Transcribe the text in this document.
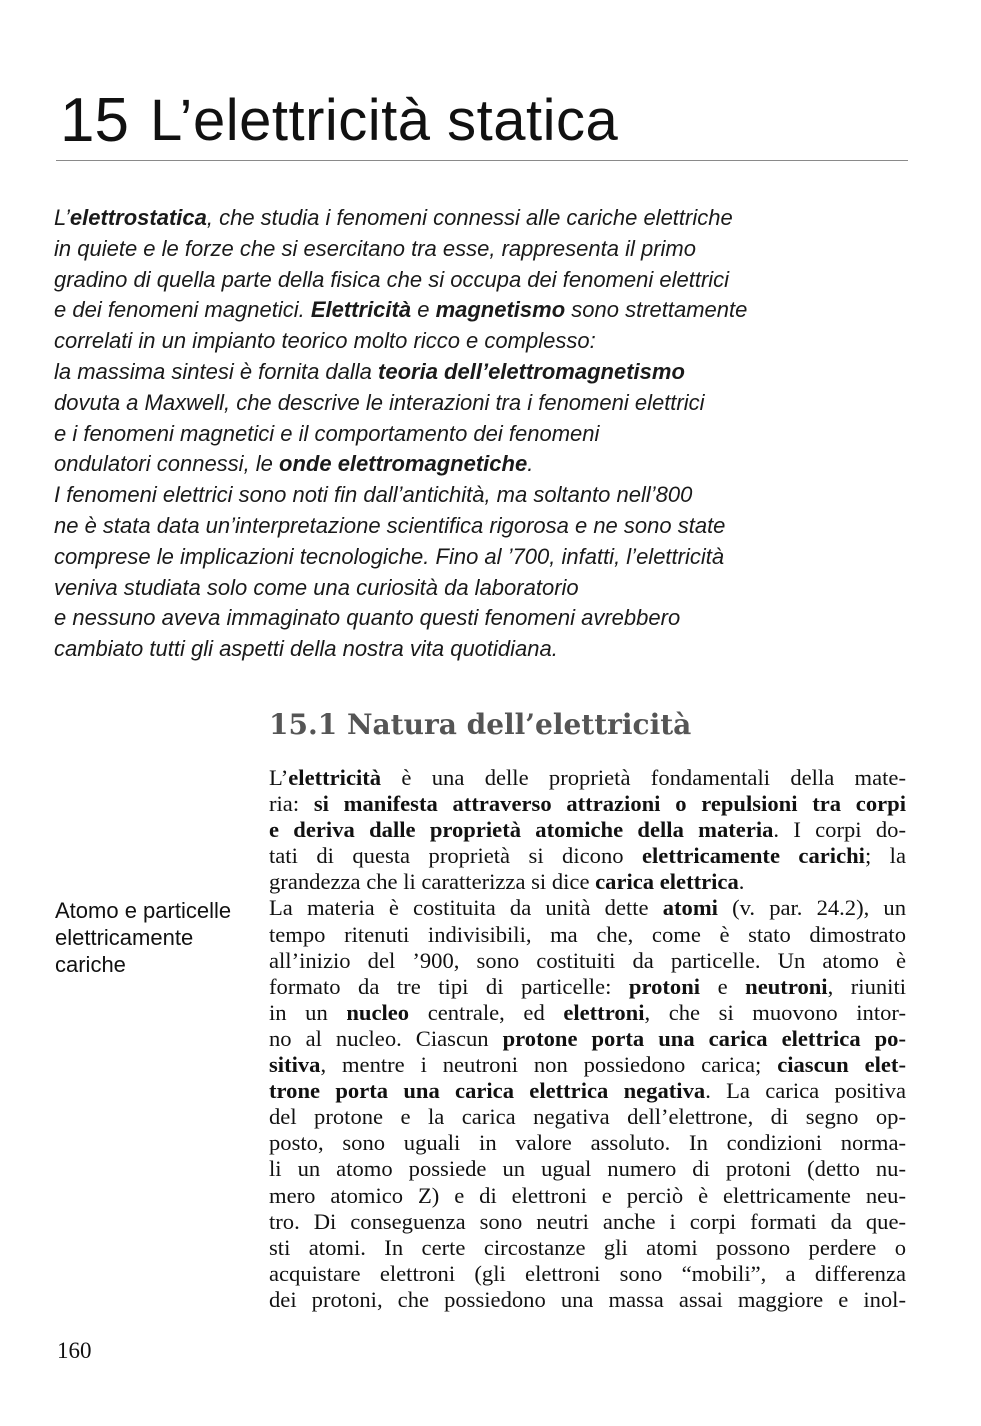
15 L’elettricità statica
L’elettrostatica, che studia i fenomeni connessi alle cariche elettriche
in quiete e le forze che si esercitano tra esse, rappresenta il primo
gradino di quella parte della fisica che si occupa dei fenomeni elettrici
e dei fenomeni magnetici. Elettricità e magnetismo sono strettamente
correlati in un impianto teorico molto ricco e complesso:
la massima sintesi è fornita dalla teoria dell’elettromagnetismo
dovuta a Maxwell, che descrive le interazioni tra i fenomeni elettrici
e i fenomeni magnetici e il comportamento dei fenomeni
ondulatori connessi, le onde elettromagnetiche.
I fenomeni elettrici sono noti fin dall’antichità, ma soltanto nell’800
ne è stata data un’interpretazione scientifica rigorosa e ne sono state
comprese le implicazioni tecnologiche. Fino al ’700, infatti, l’elettricità
veniva studiata solo come una curiosità da laboratorio
e nessuno aveva immaginato quanto questi fenomeni avrebbero
cambiato tutti gli aspetti della nostra vita quotidiana.
15.1 Natura dell’elettricità
Atomo e particelle
elettricamente
cariche
L’elettricità è una delle proprietà fondamentali della mate-
ria: si manifesta attraverso attrazioni o repulsioni tra corpi
e deriva dalle proprietà atomiche della materia. I corpi do-
tati di questa proprietà si dicono elettricamente carichi; la
grandezza che li caratterizza si dice carica elettrica.
La materia è costituita da unità dette atomi (v. par. 24.2), un
tempo ritenuti indivisibili, ma che, come è stato dimostrato
all’inizio del ’900, sono costituiti da particelle. Un atomo è
formato da tre tipi di particelle: protoni e neutroni, riuniti
in un nucleo centrale, ed elettroni, che si muovono intor-
no al nucleo. Ciascun protone porta una carica elettrica po-
sitiva, mentre i neutroni non possiedono carica; ciascun elet-
trone porta una carica elettrica negativa. La carica positiva
del protone e la carica negativa dell’elettrone, di segno op-
posto, sono uguali in valore assoluto. In condizioni norma-
li un atomo possiede un ugual numero di protoni (detto nu-
mero atomico Z) e di elettroni e perciò è elettricamente neu-
tro. Di conseguenza sono neutri anche i corpi formati da que-
sti atomi. In certe circostanze gli atomi possono perdere o
acquistare elettroni (gli elettroni sono “mobili”, a differenza
dei protoni, che possiedono una massa assai maggiore e inol-
160
